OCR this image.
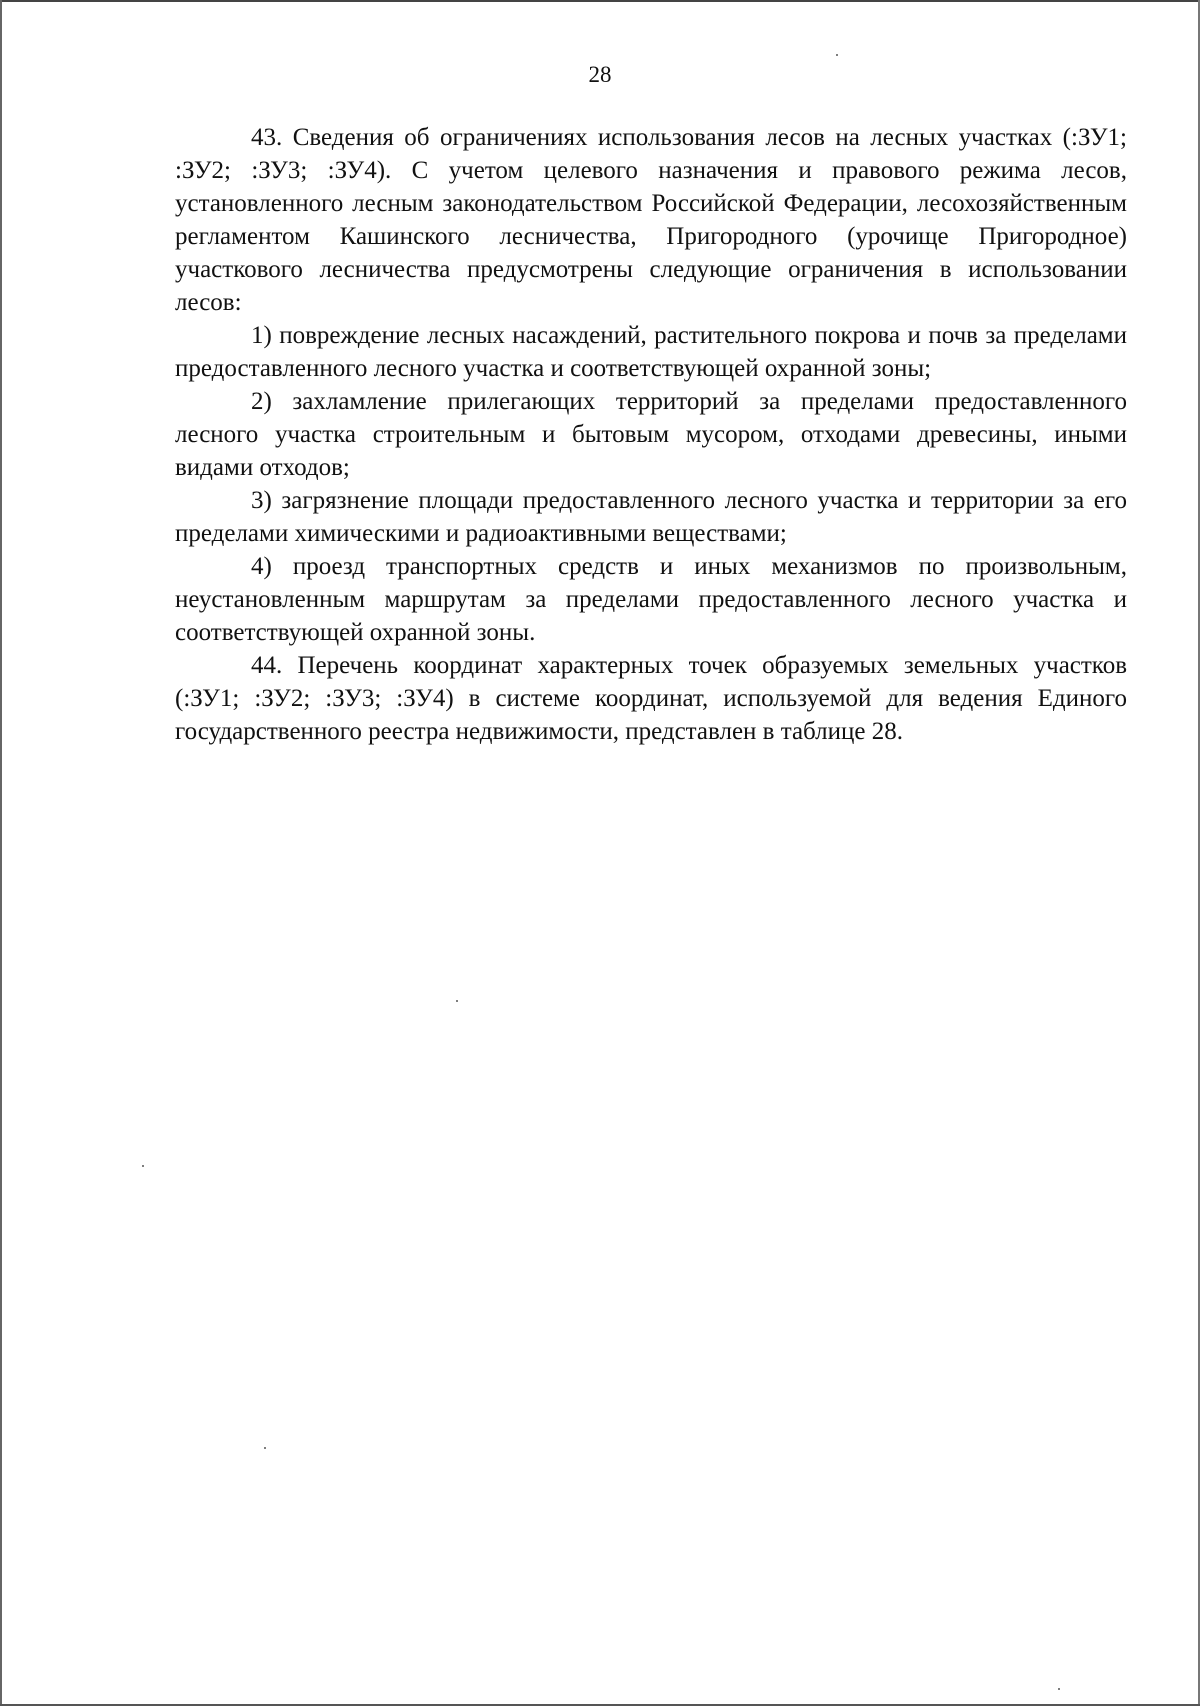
28

43. Сведения об ограничениях использования лесов на лесных участках (:ЗУ1; :ЗУ2; :ЗУ3; :ЗУ4). С учетом целевого назначения и правового режима лесов, установленного лесным законодательством Российской Федерации, лесохозяйственным регламентом Кашинского лесничества, Пригородного (урочище Пригородное) участкового лесничества предусмотрены следующие ограничения в использовании лесов:

1) повреждение лесных насаждений, растительного покрова и почв за пределами предоставленного лесного участка и соответствующей охранной зоны;

2) захламление прилегающих территорий за пределами предоставленного лесного участка строительным и бытовым мусором, отходами древесины, иными видами отходов;

3) загрязнение площади предоставленного лесного участка и территории за его пределами химическими и радиоактивными веществами;

4) проезд транспортных средств и иных механизмов по произвольным, неустановленным маршрутам за пределами предоставленного лесного участка и соответствующей охранной зоны.

44. Перечень координат характерных точек образуемых земельных участков (:ЗУ1; :ЗУ2; :ЗУ3; :ЗУ4) в системе координат, используемой для ведения Единого государственного реестра недвижимости, представлен в таблице 28.
